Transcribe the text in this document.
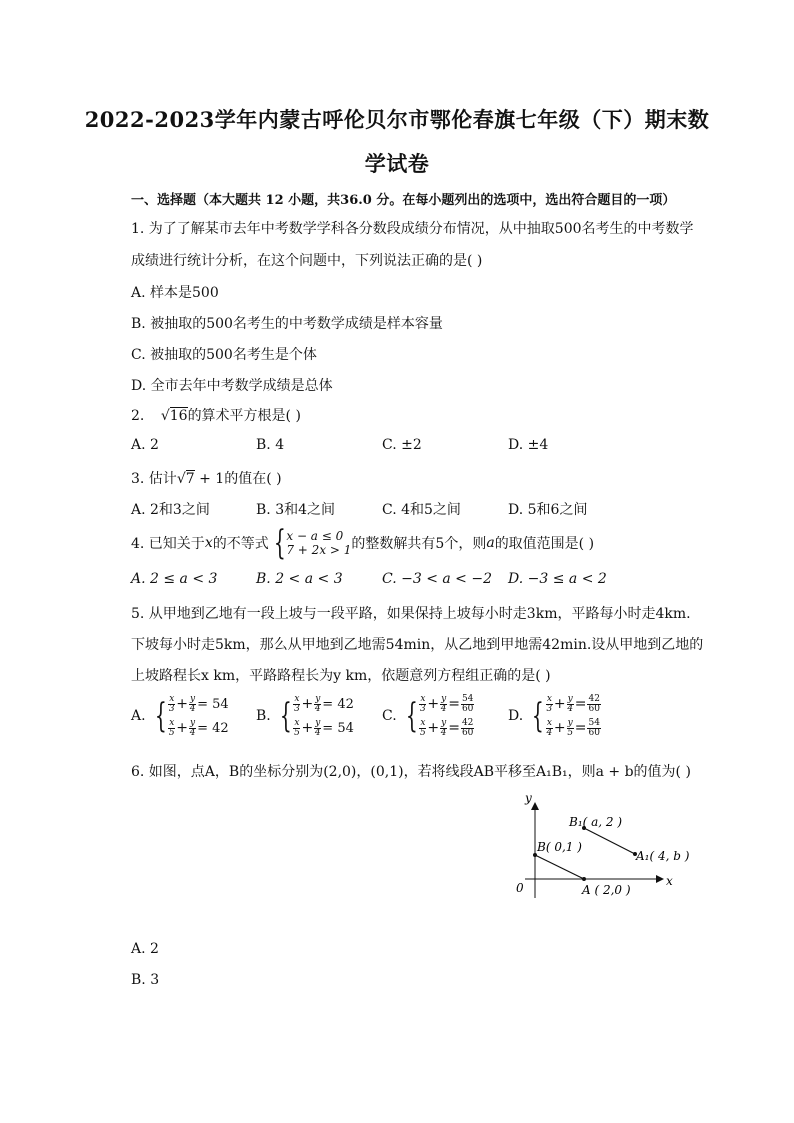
2022-2023学年内蒙古呼伦贝尔市鄂伦春旗七年级（下）期末数
学试卷
一、选择题（本大题共 12 小题，共36.0 分。在每小题列出的选项中，选出符合题目的一项）
1. 为了了解某市去年中考数学学科各分数段成绩分布情况，从中抽取500名考生的中考数学
成绩进行统计分析，在这个问题中，下列说法正确的是( )
A. 样本是500
B. 被抽取的500名考生的中考数学成绩是样本容量
C. 被抽取的500名考生是个体
D. 全市去年中考数学成绩是总体
2. √16的算术平方根是( )
A. 2	B. 4	C. ±2	D. ±4
3. 估计√7 + 1的值在( )
A. 2和3之间	B. 3和4之间	C. 4和5之间	D. 5和6之间
4. 已知关于 x 的不等式 { x − a ≤ 0
7 + 2x > 1 的整数解共有5个，则 a 的取值范围是( )
A. 2 ≤ a < 3	B. 2 < a < 3	C. −3 < a < −2 D. −3 ≤ a < 2
5. 从甲地到乙地有一段上坡与一段平路，如果保持上坡每小时走3km，平路每小时走4km.
下坡每小时走5km，那么从甲地到乙地需54min，从乙地到甲地需42min.设从甲地到乙地的
上坡路程长x km，平路路程长为y km，依题意列方程组正确的是( )
A. { $\frac{x}{3} + \frac{y}{4} = 54$
$\frac{x}{5} + \frac{y}{4} = 42$
B. { $\frac{x}{3} + \frac{y}{4} = 42$
$\frac{x}{5} + \frac{y}{4} = 54$
C. { $\frac{x}{3} + \frac{y}{4} = \frac{54}{60}$
$\frac{x}{5} + \frac{y}{4} = \frac{42}{60}$
D. { $\frac{x}{3} + \frac{y}{4} = \frac{42}{60}$
$\frac{x}{4} + \frac{y}{5} = \frac{54}{60}$
6. 如图，点A，B的坐标分别为(2,0)，(0,1)，若将线段AB平移至A₁B₁，则a + b的值为( )
y
x
0
B₁( a, 2 )
A₁( 4, b )
B( 0,1 )
A ( 2,0 )
A. 2
B. 3
